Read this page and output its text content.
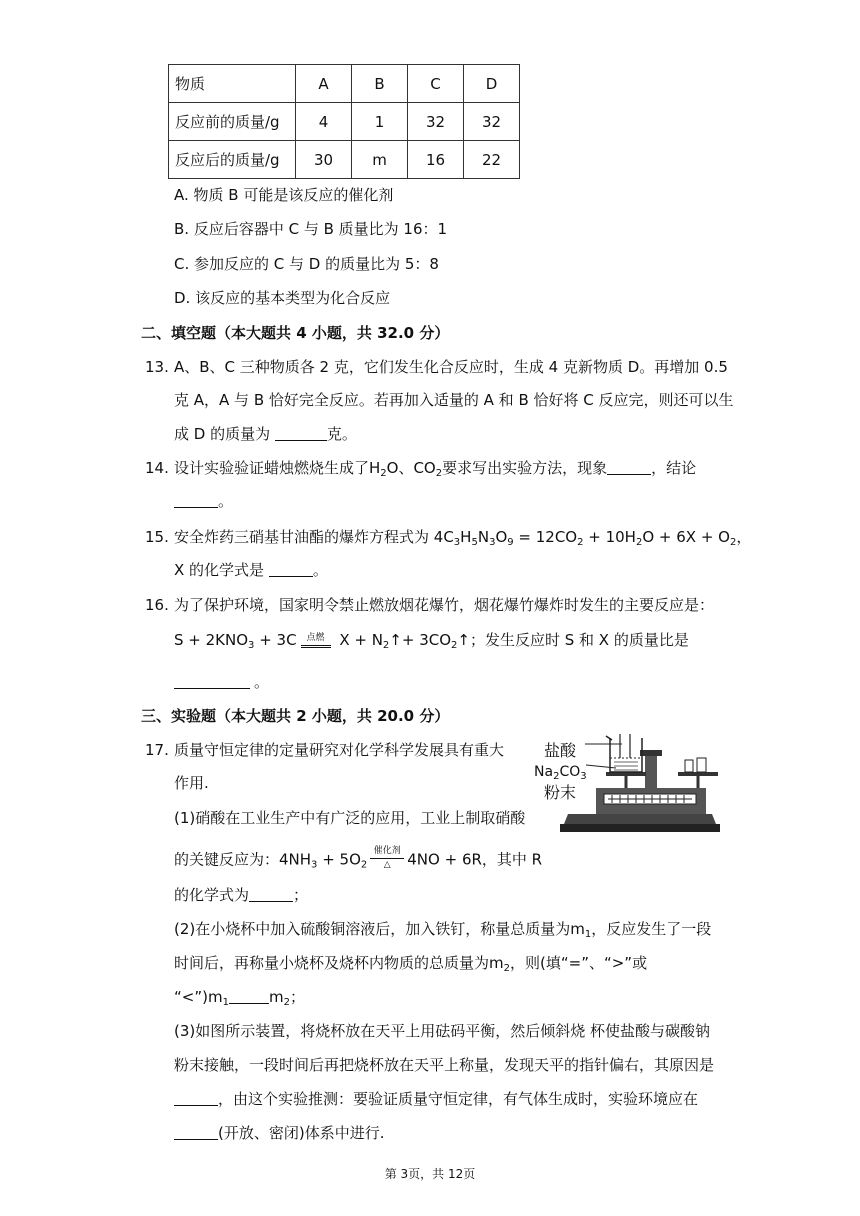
物质	A	B	C	D
反应前的质量/g	4	1	32	32
反应后的质量/g	30	m	16	22
A. 物质 B 可能是该反应的催化剂
B. 反应后容器中 C 与 B 质量比为 16：1
C. 参加反应的 C 与 D 的质量比为 5：8
D. 该反应的基本类型为化合反应
二、填空题（本大题共 4 小题，共 32.0 分）
13. A、B、C 三种物质各 2 克，它们发生化合反应时，生成 4 克新物质 D。再增加 0.5
克 A，A 与 B 恰好完全反应。若再加入适量的 A 和 B 恰好将 C 反应完，则还可以生
成 D 的质量为	克。
14. 设计实验验证蜡烛燃烧生成了$H_2O$、$CO_2$要求写出实验方法，现象	，结论
。
15. 安全炸药三硝基甘油酯的爆炸方程式为 $4C_3H_5N_3O_9 = 12CO_2 + 10H_2O + 6X + O_2$，
X 的化学式是	。
16. 为了保护环境，国家明令禁止燃放烟花爆竹，烟花爆竹爆炸时发生的主要反应是：
$S + 2KNO_3 + 3C$	点燃 $X + N_2↑+$ $3CO_2↑$；发生反应时 S 和 X 的质量比是
。
三、实验题（本大题共 2 小题，共 20.0 分）
17. 质量守恒定律的定量研究对化学科学发展具有重大
作用.
(1)硝酸在工业生产中有广泛的应用，工业上制取硝酸
的关键反应为：$4NH_3 + 5O_2$
催化剂
△	4NO + 6R，其中 R
的化学式为	；
(2)在小烧杯中加入硫酸铜溶液后，加入铁钉，称量总质量为$m_1$，反应发生了一段
时间后，再称量小烧杯及烧杯内物质的总质量为$m_2$，则(填“=”、“>”或
“$<”)m_1$	$m_2$；
(3)如图所示装置，将烧杯放在天平上用砝码平衡，然后倾斜烧 杯使盐酸与碳酸钠
粉末接触，一段时间后再把烧杯放在天平上称量，发现天平的指针偏右，其原因是
，由这个实验推测：要验证质量守恒定律，有气体生成时，实验环境应在
(开放、密闭)体系中进行.
盐酸
$Na_2CO_3$
粉末
第 3页，共 12页
